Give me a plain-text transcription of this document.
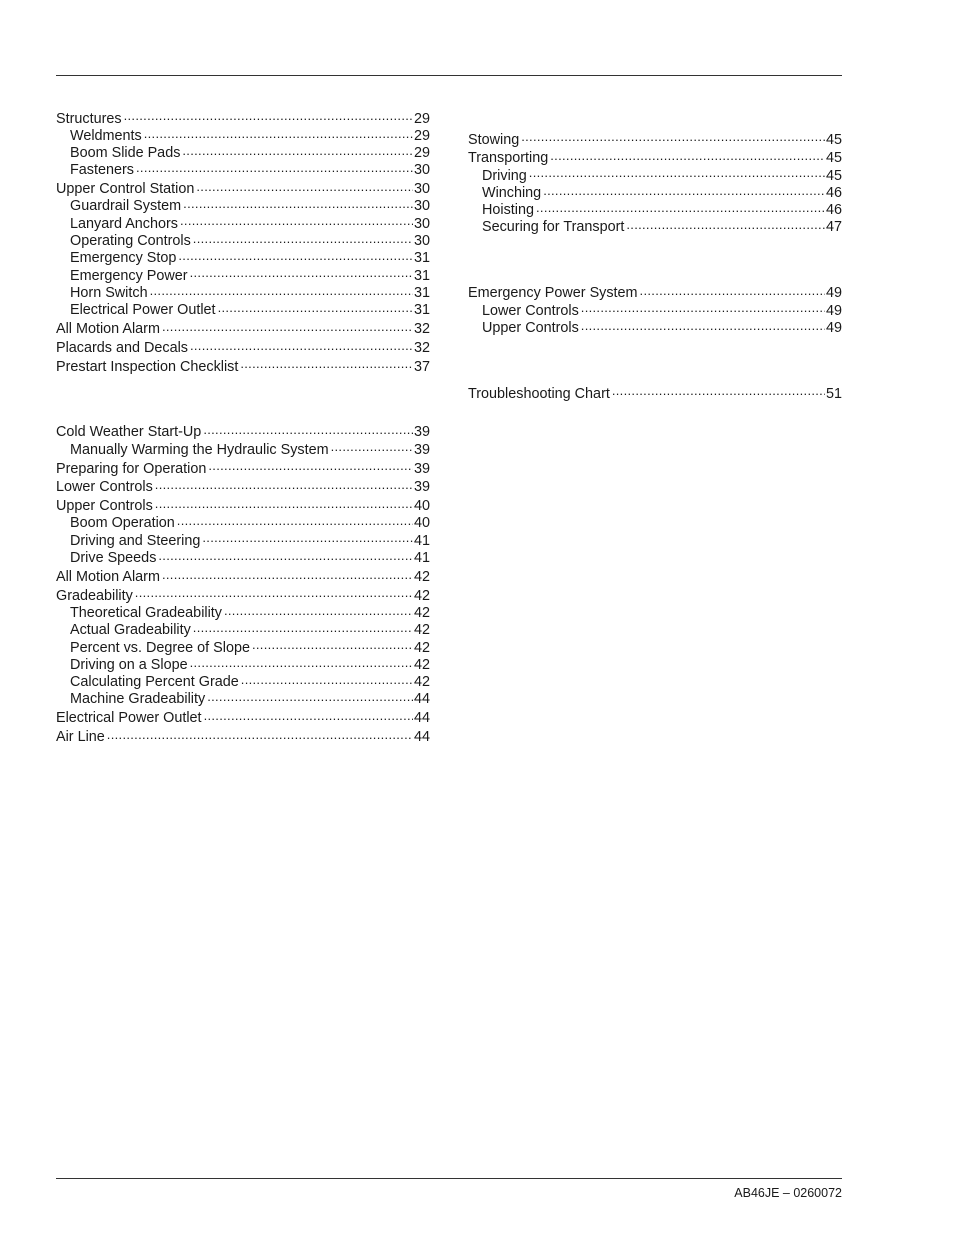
Structures .....	29
Weldments .....	29
Boom Slide Pads .....	29
Fasteners .....	30
Upper Control Station .....	30
Guardrail System .....	30
Lanyard Anchors .....	30
Operating Controls .....	30
Emergency Stop .....	31
Emergency Power .....	31
Horn Switch .....	31
Electrical Power Outlet .....	31
All Motion Alarm .....	32
Placards and Decals .....	32
Prestart Inspection Checklist .....	37
Cold Weather Start-Up .....	39
Manually Warming the Hydraulic System .....	39
Preparing for Operation .....	39
Lower Controls .....	39
Upper Controls .....	40
Boom Operation .....	40
Driving and Steering .....	41
Drive Speeds .....	41
All Motion Alarm .....	42
Gradeability .....	42
Theoretical Gradeability .....	42
Actual Gradeability .....	42
Percent vs. Degree of Slope .....	42
Driving on a Slope .....	42
Calculating Percent Grade .....	42
Machine Gradeability .....	44
Electrical Power Outlet .....	44
Air Line .....	44
Stowing .....	45
Transporting .....	45
Driving .....	45
Winching .....	46
Hoisting .....	46
Securing for Transport .....	47
Emergency Power System .....	49
Lower Controls .....	49
Upper Controls .....	49
Troubleshooting Chart .....	51
AB46JE – 0260072
